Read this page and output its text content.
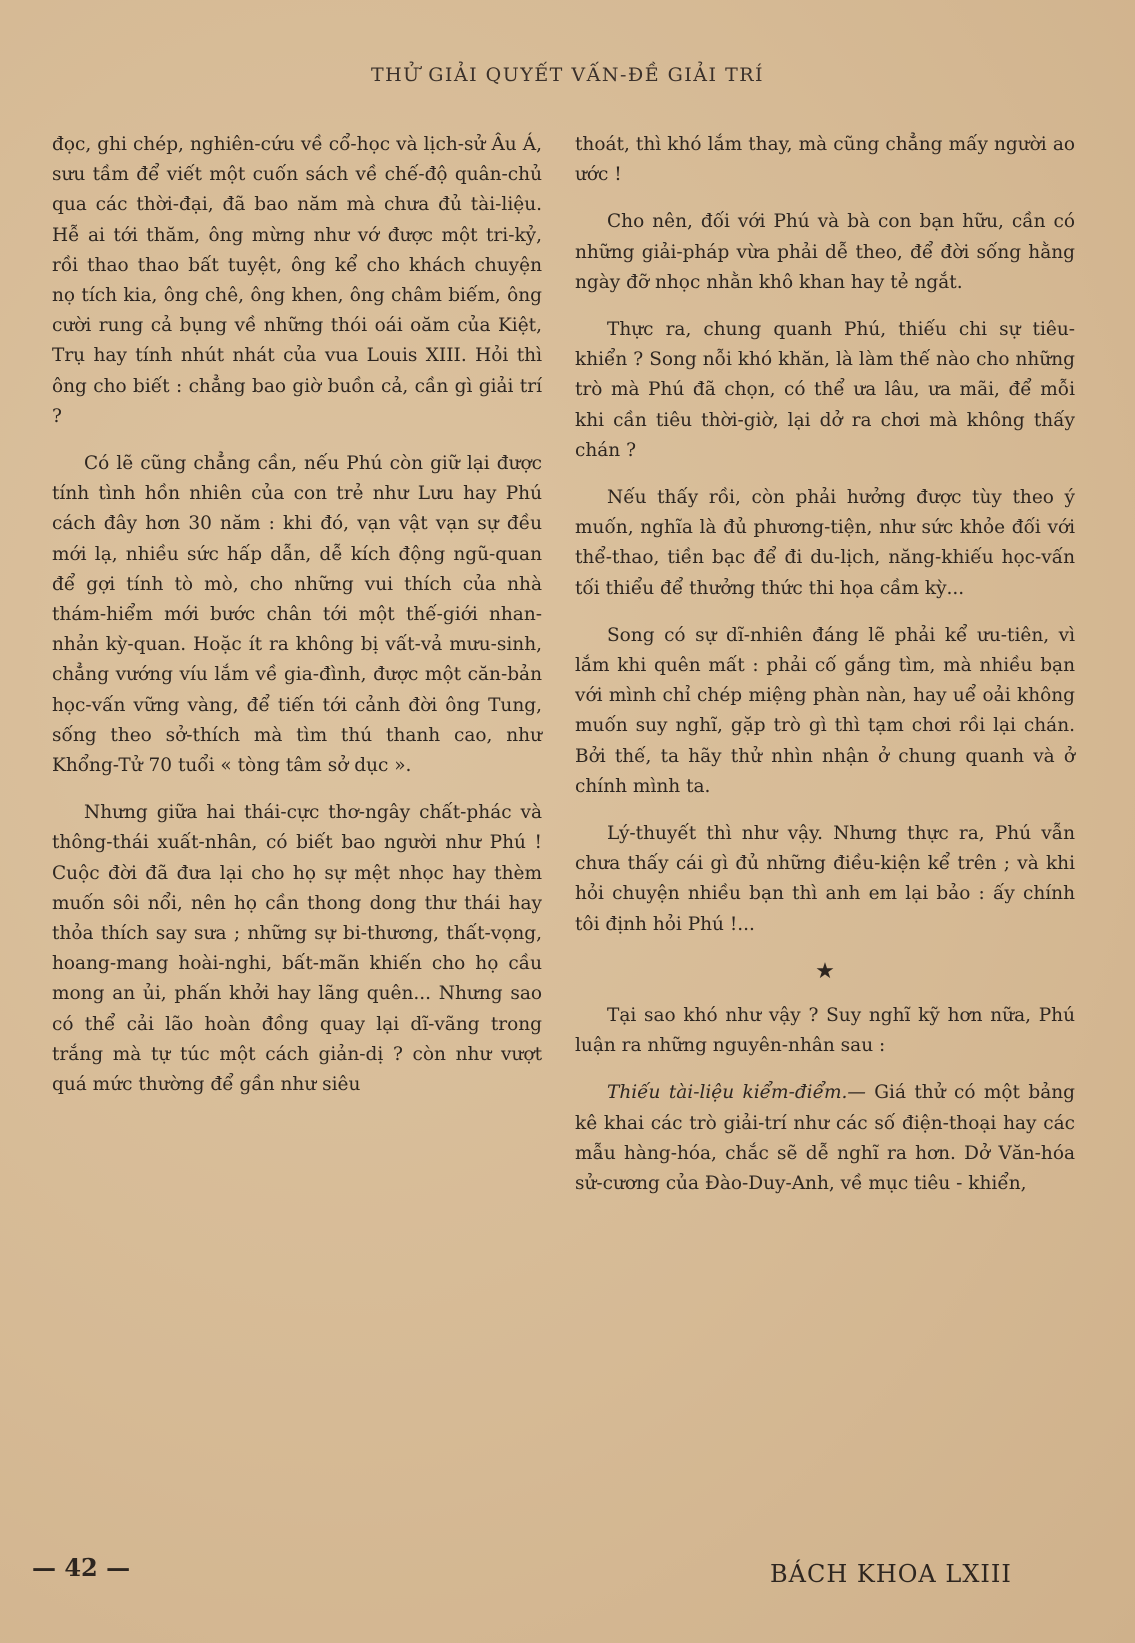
THỬ GIẢI QUYẾT VẤN-ĐỀ GIẢI TRÍ

đọc, ghi chép, nghiên-cứu về cổ-học và lịch-sử Âu Á, sưu tầm để viết một cuốn sách về chế-độ quân-chủ qua các thời-đại, đã bao năm mà chưa đủ tài-liệu. Hễ ai tới thăm, ông mừng như vớ được một tri-kỷ, rồi thao thao bất tuyệt, ông kể cho khách chuyện nọ tích kia, ông chê, ông khen, ông châm biếm, ông cười rung cả bụng về những thói oái oăm của Kiệt, Trụ hay tính nhút nhát của vua Louis XIII. Hỏi thì ông cho biết : chẳng bao giờ buồn cả, cần gì giải trí ?

Có lẽ cũng chẳng cần, nếu Phú còn giữ lại được tính tình hồn nhiên của con trẻ như Lưu hay Phú cách đây hơn 30 năm : khi đó, vạn vật vạn sự đều mới lạ, nhiều sức hấp dẫn, dễ kích động ngũ-quan để gợi tính tò mò, cho những vui thích của nhà thám-hiểm mới bước chân tới một thế-giới nhan-nhản kỳ-quan. Hoặc ít ra không bị vất-vả mưu-sinh, chẳng vướng víu lắm về gia-đình, được một căn-bản học-vấn vững vàng, để tiến tới cảnh đời ông Tung, sống theo sở-thích mà tìm thú thanh cao, như Khổng-Tử 70 tuổi « tòng tâm sở dục ».

Nhưng giữa hai thái-cực thơ-ngây chất-phác và thông-thái xuất-nhân, có biết bao người như Phú ! Cuộc đời đã đưa lại cho họ sự mệt nhọc hay thèm muốn sôi nổi, nên họ cần thong dong thư thái hay thỏa thích say sưa ; những sự bi-thương, thất-vọng, hoang-mang hoài-nghi, bất-mãn khiến cho họ cầu mong an ủi, phấn khởi hay lãng quên... Nhưng sao có thể cải lão hoàn đồng quay lại dĩ-vãng trong trắng mà tự túc một cách giản-dị ? còn như vượt quá mức thường để gần như siêu

thoát, thì khó lắm thay, mà cũng chẳng mấy người ao ước !

Cho nên, đối với Phú và bà con bạn hữu, cần có những giải-pháp vừa phải dễ theo, để đời sống hằng ngày đỡ nhọc nhằn khô khan hay tẻ ngắt.

Thực ra, chung quanh Phú, thiếu chi sự tiêu-khiển ? Song nỗi khó khăn, là làm thế nào cho những trò mà Phú đã chọn, có thể ưa lâu, ưa mãi, để mỗi khi cần tiêu thời-giờ, lại dở ra chơi mà không thấy chán ?

Nếu thấy rồi, còn phải hưởng được tùy theo ý muốn, nghĩa là đủ phương-tiện, như sức khỏe đối với thể-thao, tiền bạc để đi du-lịch, năng-khiếu học-vấn tối thiểu để thưởng thức thi họa cầm kỳ...

Song có sự dĩ-nhiên đáng lẽ phải kể ưu-tiên, vì lắm khi quên mất : phải cố gắng tìm, mà nhiều bạn với mình chỉ chép miệng phàn nàn, hay uể oải không muốn suy nghĩ, gặp trò gì thì tạm chơi rồi lại chán. Bởi thế, ta hãy thử nhìn nhận ở chung quanh và ở chính mình ta.

Lý-thuyết thì như vậy. Nhưng thực ra, Phú vẫn chưa thấy cái gì đủ những điều-kiện kể trên ; và khi hỏi chuyện nhiều bạn thì anh em lại bảo : ấy chính tôi định hỏi Phú !...

★

Tại sao khó như vậy ? Suy nghĩ kỹ hơn nữa, Phú luận ra những nguyên-nhân sau :

Thiếu tài-liệu kiểm-điểm.— Giá thử có một bảng kê khai các trò giải-trí như các số điện-thoại hay các mẫu hàng-hóa, chắc sẽ dễ nghĩ ra hơn. Dở Văn-hóa sử-cương của Đào-Duy-Anh, về mục tiêu - khiển,

— 42 —	BÁCH KHOA LXIII
